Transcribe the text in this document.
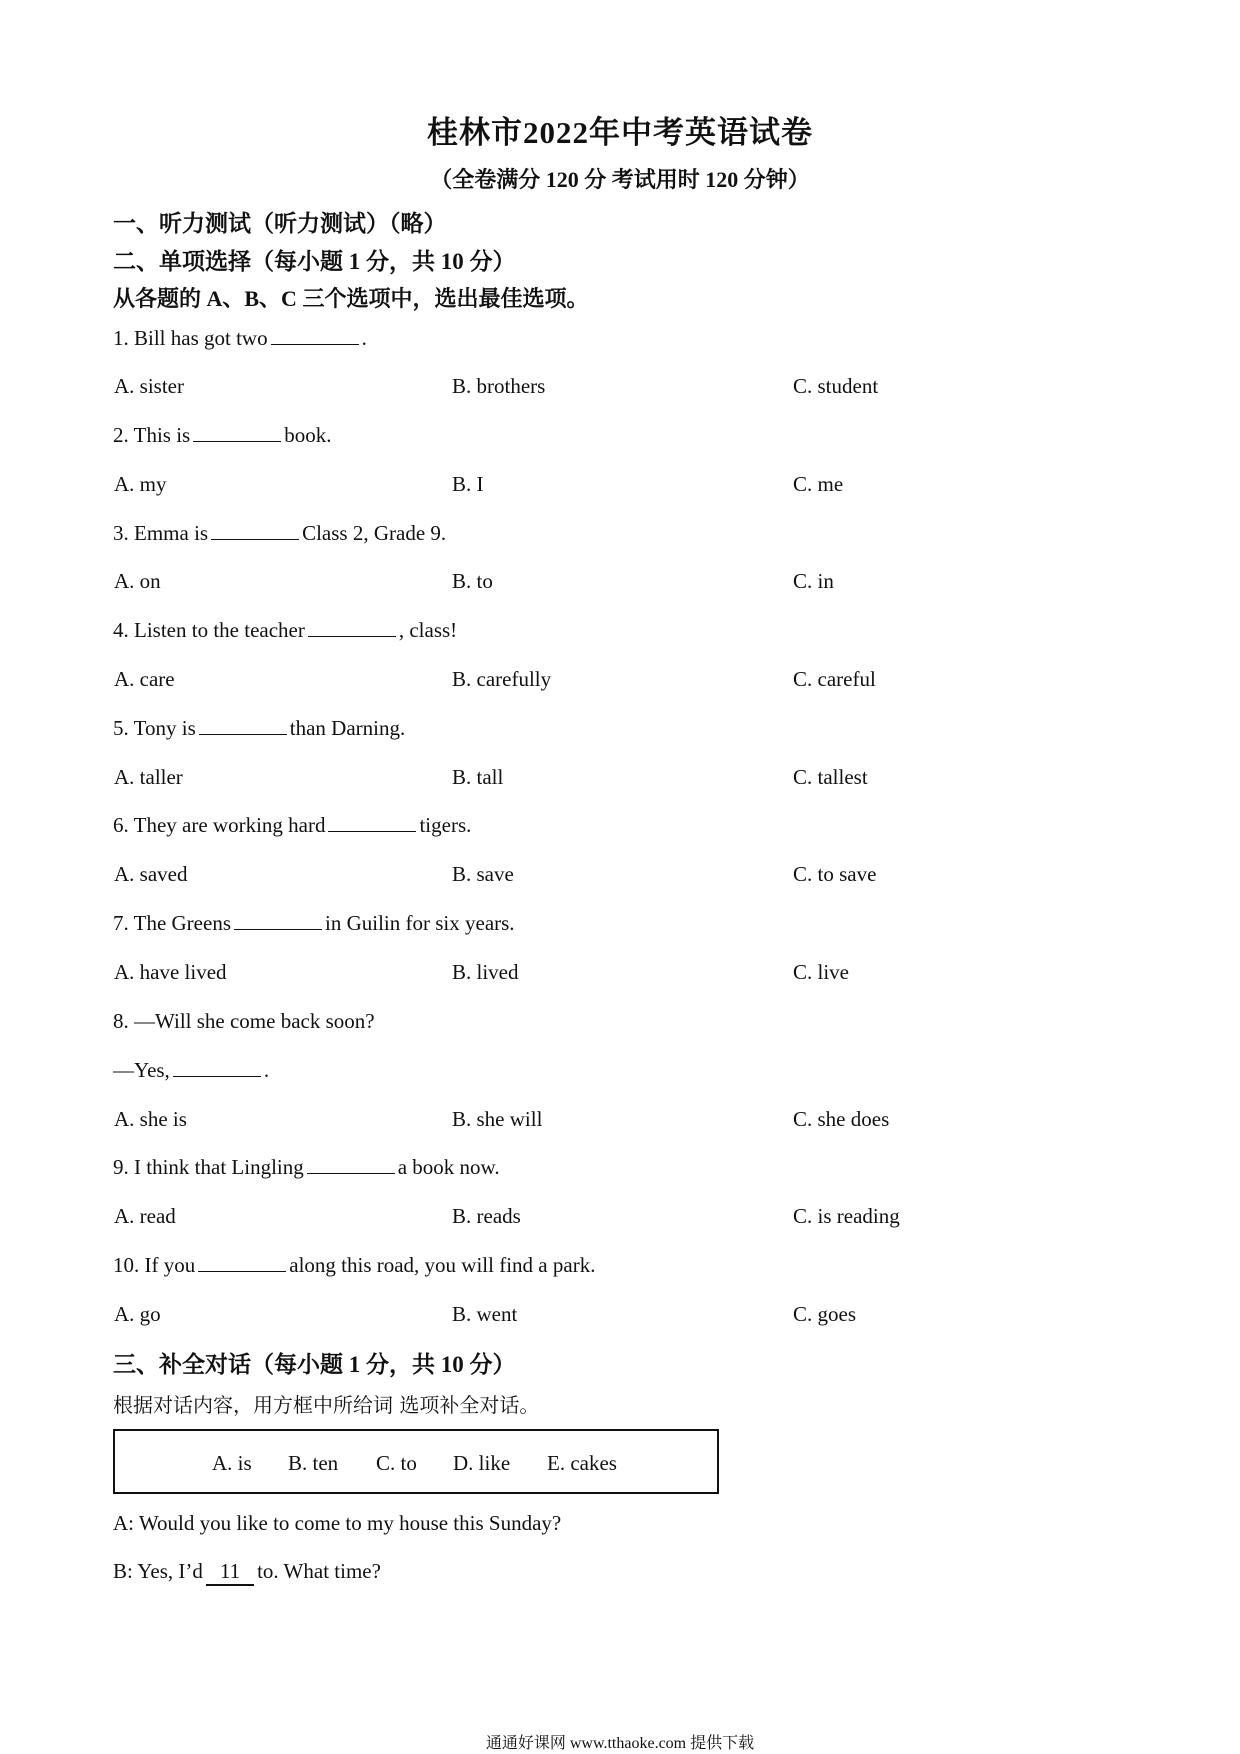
桂林市2022年中考英语试卷
（全卷满分 120 分 考试用时 120 分钟）
一、听力测试（听力测试）（略）
二、单项选择（每小题 1 分，共 10 分）
从各题的 A、B、C 三个选项中，选出最佳选项。
1. Bill has got two	.
A. sister	B. brothers	C. student
2. This is	book.
A. my	B. I	C. me
3. Emma is	Class 2, Grade 9.
A. on	B. to	C. in
4. Listen to the teacher	, class!
A. care	B. carefully	C. careful
5. Tony is	than Darning.
A. taller	B. tall	C. tallest
6. They are working hard	tigers.
A. saved	B. save	C. to save
7. The Greens	in Guilin for six years.
A. have lived	B. lived	C. live
8. —Will she come back soon?
—Yes,	.
A. she is	B. she will	C. she does
9. I think that Lingling	a book now.
A. read	B. reads	C. is reading
10. If you	along this road, you will find a park.
A. go	B. went	C. goes
三、补全对话（每小题 1 分，共 10 分）
根据对话内容，用方框中所给词 选项补全对话。
A. is B. ten C. to D. like E. cakes
A: Would you like to come to my house this Sunday?
B: Yes, I’d 11 to. What time?
通通好课网 www.tthaoke.com 提供下载
